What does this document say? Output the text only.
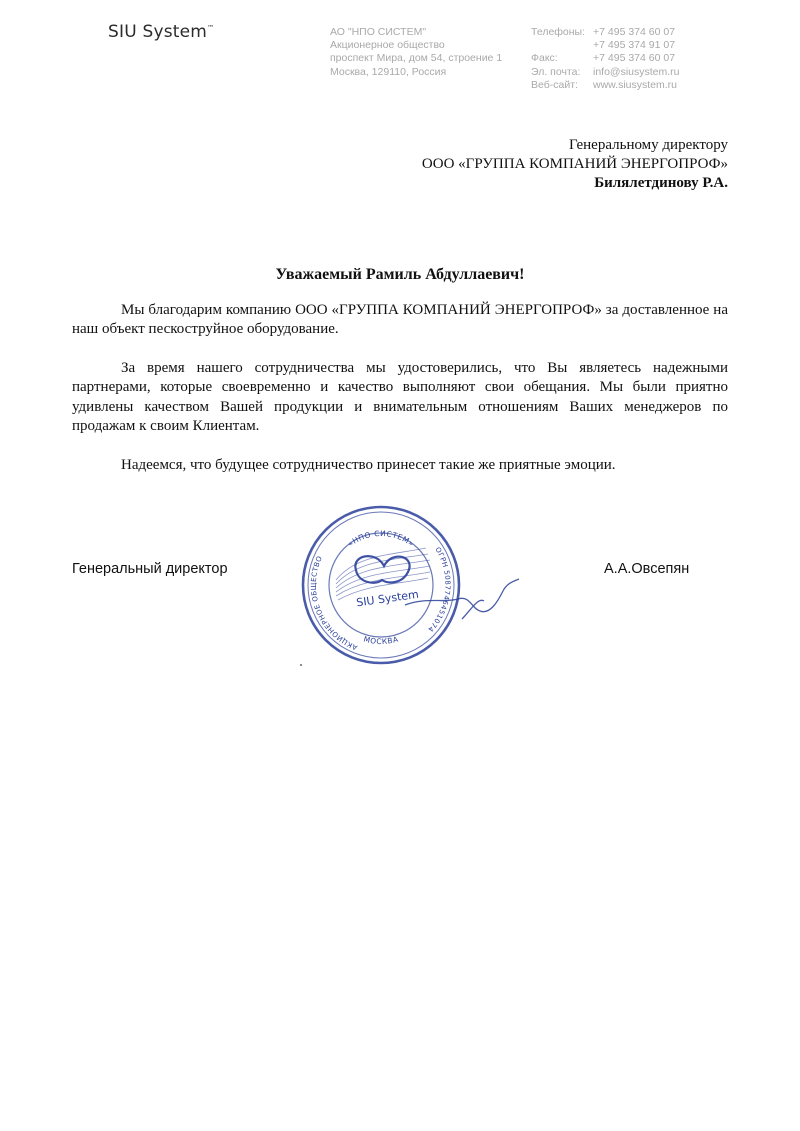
SIU System™	АО "НПО СИСТЕМ"
Акционерное общество
проспект Мира, дом 54, строение 1
Москва, 129110, Россия
Телефоны: +7 495 374 60 07
+7 495 374 91 07
Факс:	+7 495 374 60 07
Эл. почта:	info@siusystem.ru
Веб-сайт:	www.siusystem.ru
Генеральному директору
ООО «ГРУППА КОМПАНИЙ ЭНЕРГОПРОФ»
Билялетдинову Р.А.
Уважаемый Рамиль Абдуллаевич!

Мы благодарим компанию ООО «ГРУППА КОМПАНИЙ ЭНЕРГОПРОФ» за доставленное на наш объект пескоструйное оборудование.

За время нашего сотрудничества мы удостоверились, что Вы являетесь надежными партнерами, которые своевременно и качество выполняют свои обещания. Мы были приятно удивлены качеством Вашей продукции и внимательным отношениям Ваших менеджеров по продажам к своим Клиентам.

Надеемся, что будущее сотрудничество принесет такие же приятные эмоции.

Генеральный директор	А.А.Овсепян
SIU System
«НПО СИСТЕМ»
АКЦИОНЕРНОЕ ОБЩЕСТВО
ОГРН 5087746451074
МОСКВА
